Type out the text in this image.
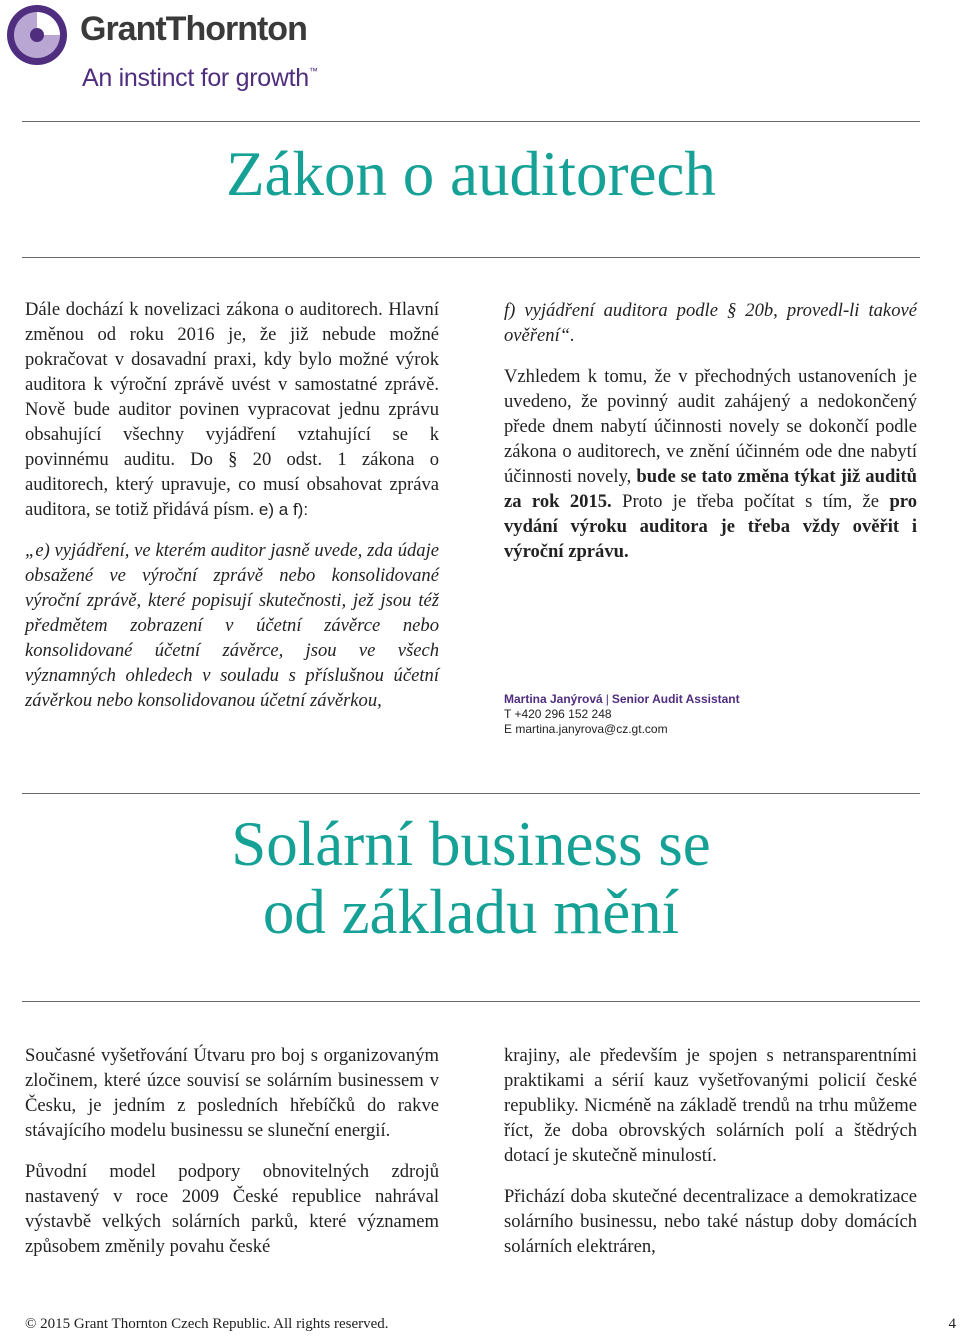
GrantThornton
An instinct for growth™
Zákon o auditorech

Dále dochází k novelizaci zákona o auditorech. Hlavní změnou od roku 2016 je, že již nebude možné pokračovat v dosavadní praxi, kdy bylo možné výrok auditora k výroční zprávě uvést v samostatné zprávě. Nově bude auditor povinen vypracovat jednu zprávu obsahující všechny vyjádření vztahující se k povinnému auditu. Do § 20 odst. 1 zákona o auditorech, který upravuje, co musí obsahovat zpráva auditora, se totiž přidává písm. e) a f):

„e) vyjádření, ve kterém auditor jasně uvede, zda údaje obsažené ve výroční zprávě nebo konsolidované výroční zprávě, které popisují skutečnosti, jež jsou též předmětem zobrazení v účetní závěrce nebo konsolidované účetní závěrce, jsou ve všech významných ohledech v souladu s příslušnou účetní závěrkou nebo konsolidovanou účetní závěrkou,

f) vyjádření auditora podle § 20b, provedl-li takové ověření“.

Vzhledem k tomu, že v přechodných ustanoveních je uvedeno, že povinný audit zahájený a nedokončený přede dnem nabytí účinnosti novely se dokončí podle zákona o auditorech, ve znění účinném ode dne nabytí účinnosti novely, bude se tato změna týkat již auditů za rok 2015. Proto je třeba počítat s tím, že pro vydání výroku auditora je třeba vždy ověřit i výroční zprávu.

Martina Janýrová | Senior Audit Assistant
T +420 296 152 248
E martina.janyrova@cz.gt.com
Solární business se
od základu mění

Současné vyšetřování Útvaru pro boj s organizovaným zločinem, které úzce souvisí se solárním businessem v Česku, je jedním z posledních hřebíčků do rakve stávajícího modelu businessu se sluneční energií.

Původní model podpory obnovitelných zdrojů nastavený v roce 2009 České republice nahrával výstavbě velkých solárních parků, které významem způsobem změnily povahu české

krajiny, ale především je spojen s netransparentními praktikami a sérií kauz vyšetřovanými policií české republiky. Nicméně na základě trendů na trhu můžeme říct, že doba obrovských solárních polí a štědrých dotací je skutečně minulostí.

Přichází doba skutečné decentralizace a demokratizace solárního businessu, nebo také nástup doby domácích solárních elektráren,

© 2015 Grant Thornton Czech Republic. All rights reserved.	4
